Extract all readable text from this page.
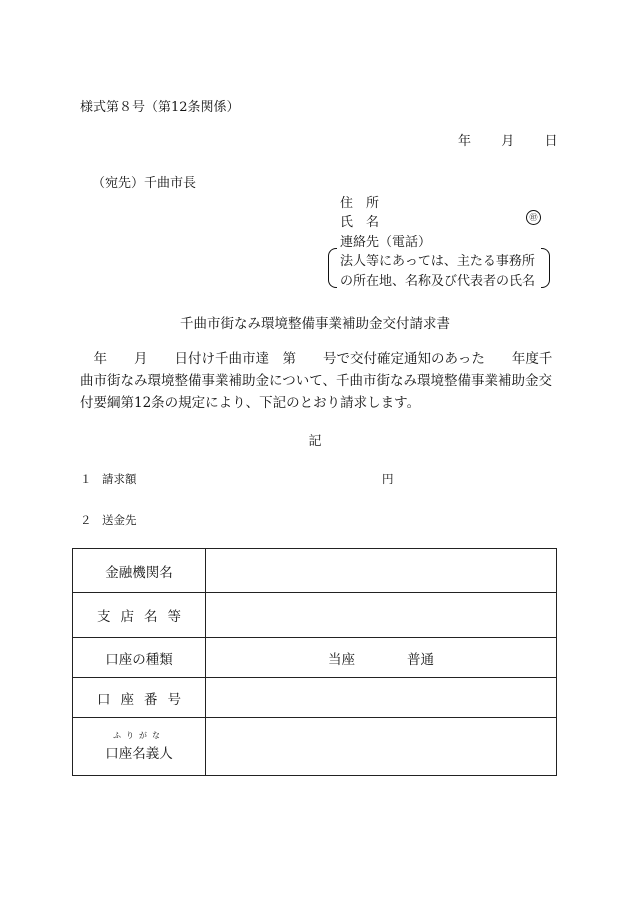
様式第８号（第12条関係）
年 月 日
（宛先）千曲市長
住 所
氏 名	㊞
連絡先（電話）
法人等にあっては、主たる事務所
の所在地、名称及び代表者の氏名
千曲市街なみ環境整備事業補助金交付請求書
　年　　月　　日付け千曲市達　第　　号で交付確定通知のあった　　年度千曲市街なみ環境整備事業補助金について、千曲市街なみ環境整備事業補助金交付要綱第12条の規定により、下記のとおり請求します。
記
１ 請求額	円
２ 送金先
金融機関名	
支 店 名 等	
口座の種類	当座 普通
口 座 番 号	

ふりがな
口座名義人	
